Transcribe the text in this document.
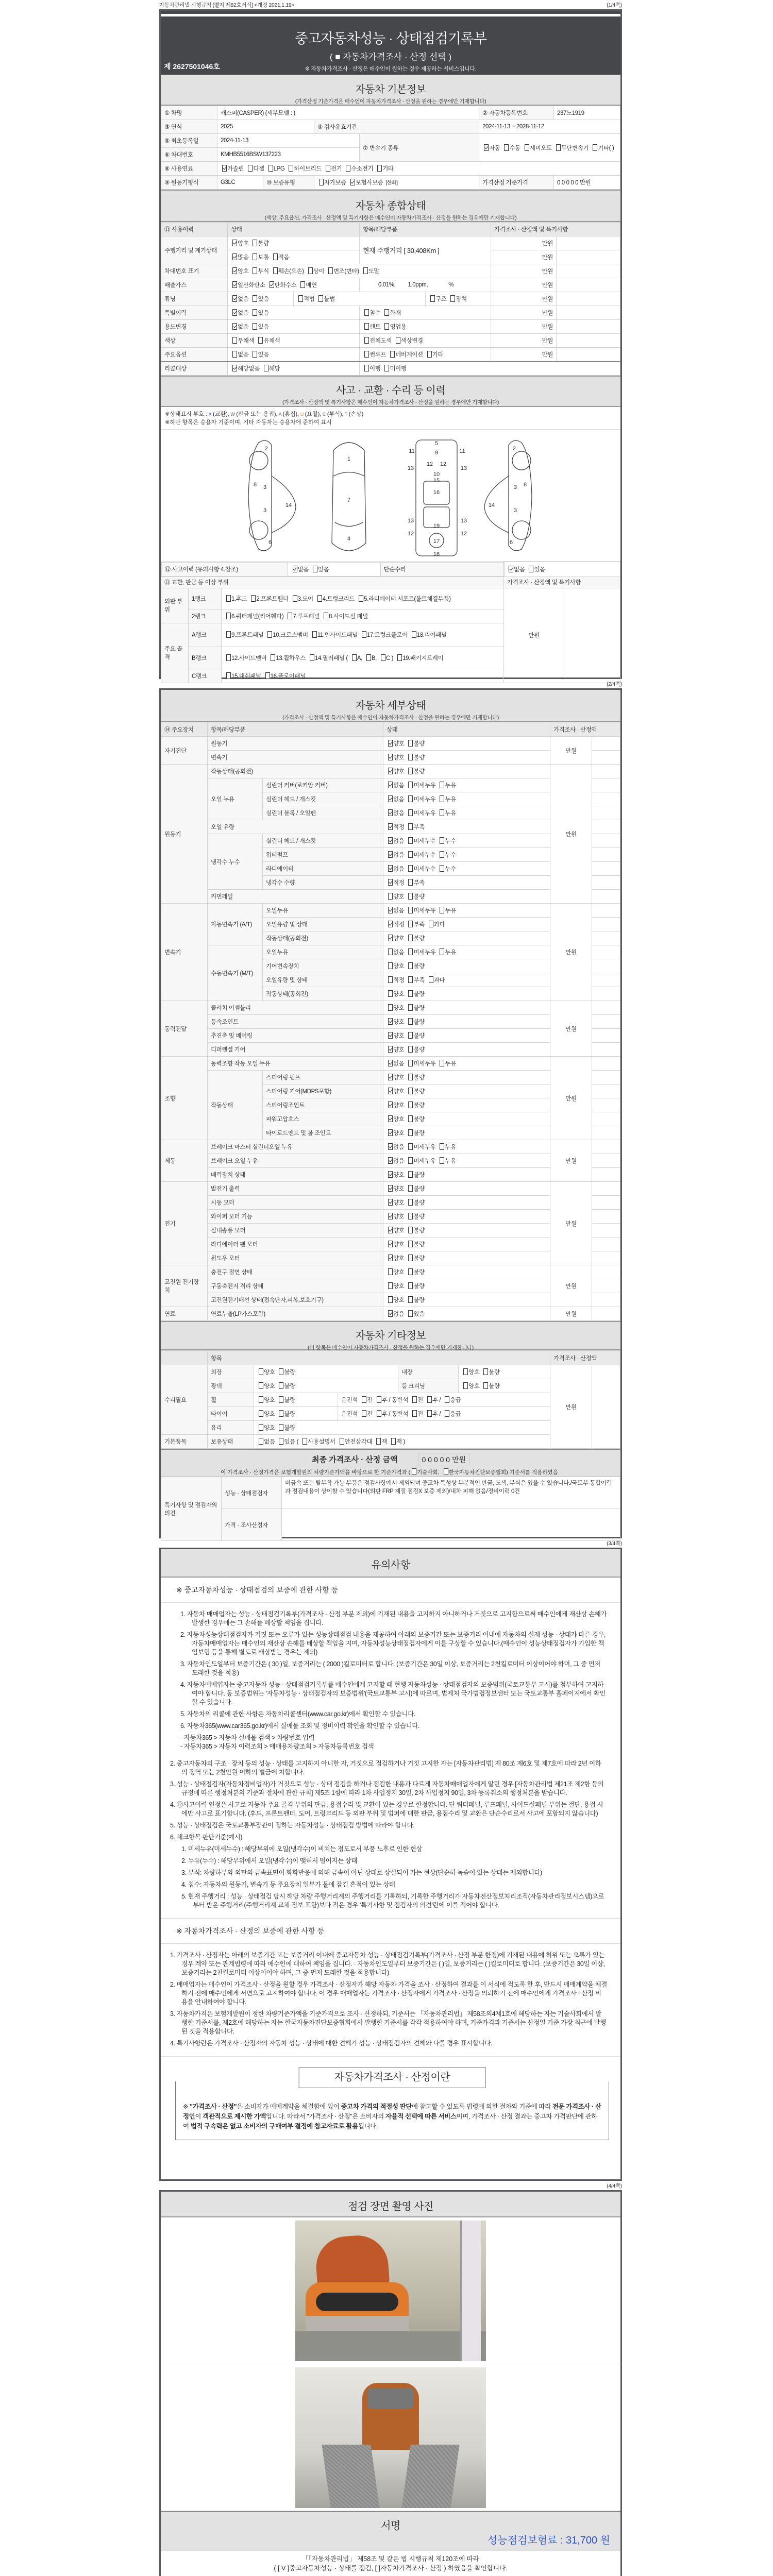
자동차관리법 시행규칙 [별지 제82호서식] <개정 2021.1.19>	(1/4쪽)
중고자동차성능 · 상태점검기록부
( ■ 자동차가격조사 · 산정 선택 )
※ 자동차가격조사 · 산정은 매수인이 원하는 경우 제공하는 서비스입니다.
제 2627501046호
자동차 기본정보
(가격산정 기준가격은 매수인이 자동차가격조사 · 산정을 원하는 경우에만 기재합니다)
① 차명	캐스퍼(CASPER) (세부모델 : )				② 자동차등록번호	237노1919
③ 연식	2025		④ 검사유효기간		2024-11-13 ~ 2028-11-12	
⑤ 최초등록일	2024-11-13			⑦ 변속기 종류	자동 수동 세미오토 무단변속기 기타( )	
⑥ 차대번호	KMHB5516BSW137223					
⑧ 사용연료	가솔린 디젤 LPG 하이브리드 전기 수소전기 기타					
⑨ 원동기형식	G3LC	⑩ 보증유형	자가보증 보험사보증 [한화]		가격산정 기준가격	0 0 0 0 0 만원
자동차 종합상태
(색상, 주요옵션, 가격조사 · 산정액 및 특기사항은 매수인이 자동차가격조사 · 산정을 원하는 경우에만 기재합니다)
⑪ 사용이력	상태		항목/해당부품		가격조사 · 산정액 및 특기사항	
주행거리 및 계기상태	양호 불량		현재 주행거리 [ 30,408Km ]		만원	
	많음 보통 적음				만원	
차대번호 표기	양호 부식 훼손(오손) 상이 변조(변타) 도말				만원	
배출가스	일산화탄소 탄화수소 매연		0.01%, 1.0ppm, %		만원	
튜닝	없음 있음	적법 불법		구조 장치	만원	
특별이력	없음 있음		침수 화재		만원	
용도변경	없음 있음		렌트 영업용		만원	
색상	무채색 유채색		전체도색 색상변경		만원	
주요옵션	없음 있음		썬루프 네비게이션 기타		만원	
리콜대상	해당없음 해당		이행 미이행			
사고 · 교환 · 수리 등 이력
(가격조사 · 산정액 및 특기사항은 매수인이 자동차가격조사 · 산정을 원하는 경우에만 기재합니다)
※상태표시 부호 : X (교환), W (판금 또는 용접), A (흠집), U (요철), C (부식), T (손상)
※하단 항목은 승용차 기준이며, 기타 자동차는 승용차에 준하여 표시
2
8 3
3
14
6
1
7
4
5
9
11	11
13	13
12 12
10
15
16
13	13
19
12	12
17
18
2
8
3
3
14
6
⑫ 사고이력 (유의사항 4.참조)	없음 있음	단순수리
		없음 있음
⑬ 교환, 판금 등 이상 부위	가격조사 · 산정액 및 특기사항
외판 부위	1랭크	1.후드 2.프론트휀더 3.도어 4.트렁크리드 5.라디에이터 서포트(볼트체결부품)	만원	
2랭크	6.쿼터패널(리어휀다) 7.루프패널 8.사이드실 패널
주요 골격	A랭크	9.프론트패널 10.크로스멤버 11.인사이드패널 17.트렁크플로어 18.리어패널
B랭크	12.사이드멤버 13.휠하우스 14.필러패널 ( A, B, C ) 19.패키지트레이
C랭크	15.대쉬패널 16.플로어패널
(2/4쪽)
자동차 세부상태
(가격조사 · 산정액 및 특기사항은 매수인이 자동차가격조사 · 산정을 원하는 경우에만 기재합니다)
⑭ 주요장치	항목/해당부품		상태	가격조사 · 산정액	
자기진단	원동기		양호 불량	만원	
	변속기		양호 불량		
원동기	작동상태(공회전)		양호 불량	만원	
	오일 누유	실린더 커버(로커암 커버)	없음 미세누유 누유		
		실린더 헤드 / 개스킷	없음 미세누유 누유		
		실린더 블록 / 오일팬	없음 미세누유 누유		
	오일 유량		적정 부족		
	냉각수 누수	실린더 헤드 / 개스킷	없음 미세누수 누수		
		워터펌프	없음 미세누수 누수		
		라디에이터	없음 미세누수 누수		
		냉각수 수량	적정 부족		
	커먼레일		양호 불량		
변속기	자동변속기 (A/T)	오일누유	없음 미세누유 누유	만원	
		오일유량 및 상태	적정 부족 과다		
		작동상태(공회전)	양호 불량		
	수동변속기 (M/T)	오일누유	없음 미세누유 누유		
		기어변속장치	양호 불량		
		오일유량 및 상태	적정 부족 과다		
		작동상태(공회전)	양호 불량		
동력전달	클러치 어셈블리		양호 불량	만원	
	등속조인트		양호 불량		
	추진축 및 베어링		양호 불량		
	디퍼렌셜 기어		양호 불량		
조향	동력조향 작동 오일 누유		없음 미세누유 누유	만원	
	작동상태	스티어링 펌프	양호 불량		
		스티어링 기어(MDPS포함)	양호 불량		
		스티어링조인트	양호 불량		
		파워고압호스	양호 불량		
		타이로드엔드 및 볼 조인트	양호 불량		
제동	브레이크 마스터 실린더오일 누유		없음 미세누유 누유	만원	
	브레이크 오일 누유		없음 미세누유 누유		
	배력장치 상태		양호 불량		
전기	발전기 출력		양호 불량	만원	
	시동 모터		양호 불량		
	와이퍼 모터 기능		양호 불량		
	실내송풍 모터		양호 불량		
	라디에이터 팬 모터		양호 불량		
	윈도우 모터		양호 불량		
고전원 전기장치	충전구 절연 상태		양호 불량	만원	
	구동축전지 격리 상태		양호 불량		
	고전원전기배선 상태(접속단자,피복,보호기구)		양호 불량		
연료	연료누출(LP가스포함)		없음 있음	만원	
자동차 기타정보
(이 항목은 매수인이 자동차가격조사 · 산정을 원하는 경우에만 기재합니다)
	항목					가격조사 · 산정액	
수리필요	외장	양호 불량		내장	양호 불량	만원	
	광택	양호 불량		룸 크리닝	양호 불량		
	휠	양호 불량	운전석 전 후 / 동반석 전 후 / 응급				
	타이어	양호 불량	운전석 전 후 / 동반석 전 후 / 응급				
	유리	양호 불량					
기본품목	보유상태	없음 있음 ( 사용설명서 안전삼각대 잭 잭 )					
최종 가격조사 · 산정 금액	0 0 0 0 0 만원
이 가격조사 · 산정가격은 보험개발원의 차량기준가액을 바탕으로 한 기준가격과 ( 기술사회, 한국자동차진단보증협회) 기준서를 적용하였음
특기사항 및 점검자의 의견	성능 · 상태점검자	비금속 또는 탈부착 가능 부품은 점검사항에서 제외되며 중고차 특성상 부분적인 판금, 도색, 부식은 있을 수 있습니다./국토부 통합이력과 점검내용이 상이할 수 있습니다(외판 FRP 재질 점검X 보증 제외)/내차 피해 없음/정비이력 0건
	가격 · 조사산정자	
(3/4쪽)
유의사항
※ 중고자동차성능 · 상태점검의 보증에 관한 사항 등

1. 자동차 매매업자는 성능 · 상태점검기록부(가격조사 · 산정 부분 제외)에 기재된 내용을 고지하지 아니하거나 거짓으로 고지함으로써 매수인에게 재산상 손해가 발생한 경우에는 그 손해를 배상할 책임을 집니다.

2. 자동차성능상태점검자가 거짓 또는 오류가 있는 성능상태점검 내용을 제공하여 아래의 보증기간 또는 보증거리 이내에 자동차의 실제 성능 · 상태가 다른 경우, 자동차매매업자는 매수인의 재산상 손해를 배상할 책임을 지며, 자동차성능상태점검자에게 이를 구상할 수 있습니다.(매수인이 성능상태점검자가 가입한 책임보험 등을 통해 별도로 배상받는 경우는 제외)

3. 자동차인도일부터 보증기간은 ( 30 )일, 보증거리는 ( 2000 )킬로미터로 합니다. (보증기간은 30일 이상, 보증거리는 2천킬로미터 이상이어야 하며, 그 중 먼저 도래한 것을 적용)

4. 자동차매매업자는 중고자동차 성능 · 상태점검기록부를 매수인에게 고지할 때 현행 자동차성능 · 상태점검자의 보증범위(국토교통부 고시)를 첨부하여 고지하여야 합니다. 동 보증범위는 '자동차성능 · 상태점검자의 보증범위'(국토교통부 고시)에 따르며, 법제처 국가법령정보센터 또는 국토교통부 홈페이지에서 확인할 수 있습니다.

5. 자동차의 리콜에 관한 사항은 자동차리콜센터(www.car.go.kr)에서 확인할 수 있습니다.

6. 자동차365(www.car365.go.kr)에서 실매물 조회 및 정비이력 확인을 확인할 수 있습니다.

- 자동차365 > 자동차 실매물 검색 > 차량번호 입력

- 자동차365 > 자동차 이력조회 > 매매용차량조회 > 자동차등록번호 검색

2. 중고자동차의 구조 · 장치 등의 성능 · 상태를 고지하지 아니한 자, 거짓으로 점검하거나 거짓 고지한 자는 [자동차관리법] 제 80조 제6호 및 제7호에 따라 2년 이하의 징역 또는 2천만원 이하의 벌금에 처합니다.

3. 성능 · 상태점검자(자동차정비업자)가 거짓으로 성능 · 상태 점검을 하거나 점검한 내용과 다르게 자동차매매업자에게 알린 경우 [자동차관리법 제21조 제2항 등의 규정에 따른 행정처분의 기준과 절차에 관한 규칙] 제5조 1항에 따라 1차 사업정지 30일, 2차 사업정지 90일, 3차 등록취소의 행정처분을 받습니다.

4. ⑫사고이력 인정은 사고로 자동차 주요 골격 부위의 판금, 용접수리 및 교환이 있는 경우로 한정합니다. 단 쿼터패널, 루프패널, 사이드실패널 부위는 절단, 용접 시에만 사고로 표기합니다. (후드, 프론트펜더, 도어, 트렁크리드 등 외판 부위 및 범퍼에 대한 판금, 용접수리 및 교환은 단순수리로서 사고에 포함되지 않습니다)

5. 성능 · 상태점검은 국토교통부장관이 정하는 자동차성능 · 상태점검 방법에 따라야 합니다.

6. 체크항목 판단기준(예시)

1. 미세누유(미세누수) : 해당부위에 오일(냉각수)이 비치는 정도로서 부품 노후로 인한 현상

2. 누유(누수) : 해당부위에서 오일(냉각수)이 맺혀서 떨어지는 상태

3. 부식: 차량하부와 외판의 금속표면이 화학반응에 의해 금속이 아닌 상태로 상실되어 가는 현상(단순히 녹슬어 있는 상태는 제외합니다)

4. 침수: 자동차의 원동기, 변속기 등 주요장치 일부가 물에 잠긴 흔적이 있는 상태

5. 현재 주행거리 : 성능 · 상태점검 당시 해당 차량 주행거리계의 주행거리를 기록하되, 기록한 주행거리가 자동차전산정보처리조직(자동차관리정보시스템)으로부터 받은 주행거리(주행거리계 교체 정보 포함)보다 적은 경우 '특기사항 및 점검자의 의견'란에 이를 적어야 합니다.

※ 자동차가격조사 · 산정의 보증에 관한 사항 등

1. 가격조사 · 산정자는 아래의 보증기간 또는 보증거리 이내에 중고자동차 성능 · 상태점검기록부(가격조사 · 산정 부분 한정)에 기재된 내용에 허위 또는 오류가 있는 경우 계약 또는 관계법령에 따라 매수인에 대하여 책임을 집니다. · 자동차인도일부터 보증기간은 ( )일, 보증거리는 ( )킬로미터로 합니다. (보증기간은 30일 이상, 보증거리는 2천킬로미터 이상이어야 하며, 그 중 먼저 도래한 것을 적용합니다)

2. 매매업자는 매수인이 가격조사 · 산정을 원할 경우 가격조사 · 산정자가 해당 자동차 가격을 조사 · 산정하여 결과를 이 서식에 적도록 한 후, 반드시 매매계약을 체결하기 전에 매수인에게 서면으로 고지하여야 합니다. 이 경우 매매업자는 가격조사 · 산정자에게 가격조사 · 산정을 의뢰하기 전에 매수인에게 가격조사 · 산정 비용을 안내하여야 합니다.

3. 자동차가격은 보험개발원이 정한 차량기준가액을 기준가격으로 조사 · 산정하되, 기준서는 「자동차관리법」 제58조의4제1호에 해당하는 자는 기술사회에서 발행한 기준서를, 제2호에 해당하는 자는 한국자동차진단보증협회에서 발행한 기준서를 각각 적용하여야 하며, 기준가격과 기준서는 산정일 기준 가장 최근에 발행된 것을 적용합니다.

4. 특기사항란은 가격조사 · 산정자의 자동차 성능 · 상태에 대한 견해가 성능 · 상태점검자의 견해와 다를 경우 표시합니다.

자동차가격조사 · 산정이란
※ "가격조사 · 산정"은 소비자가 매매계약을 체결함에 있어 중고차 가격의 적절성 판단에 참고할 수 있도록 법령에 의한 절차와 기준에 따라 전문 가격조사 · 산정인이 객관적으로 제시한 가액입니다. 따라서 "가격조사 · 산정"은 소비자의 자율적 선택에 따른 서비스이며, 가격조사 · 산정 결과는 중고차 가격판단에 관하여 법적 구속력은 없고 소비자의 구매여부 결정에 참고자료로 활용됩니다.
(4/4쪽)
점검 장면 촬영 사진
서명
성능점검보험료 : 31,700 원
「「자동차관리법」 제58조 및 같은 법 시행규칙 제120조에 따라
( [ V ]중고자동차성능 · 상태를 점검, [ ]자동차가격조사 · 산정 ) 하였음을 확인합니다.
